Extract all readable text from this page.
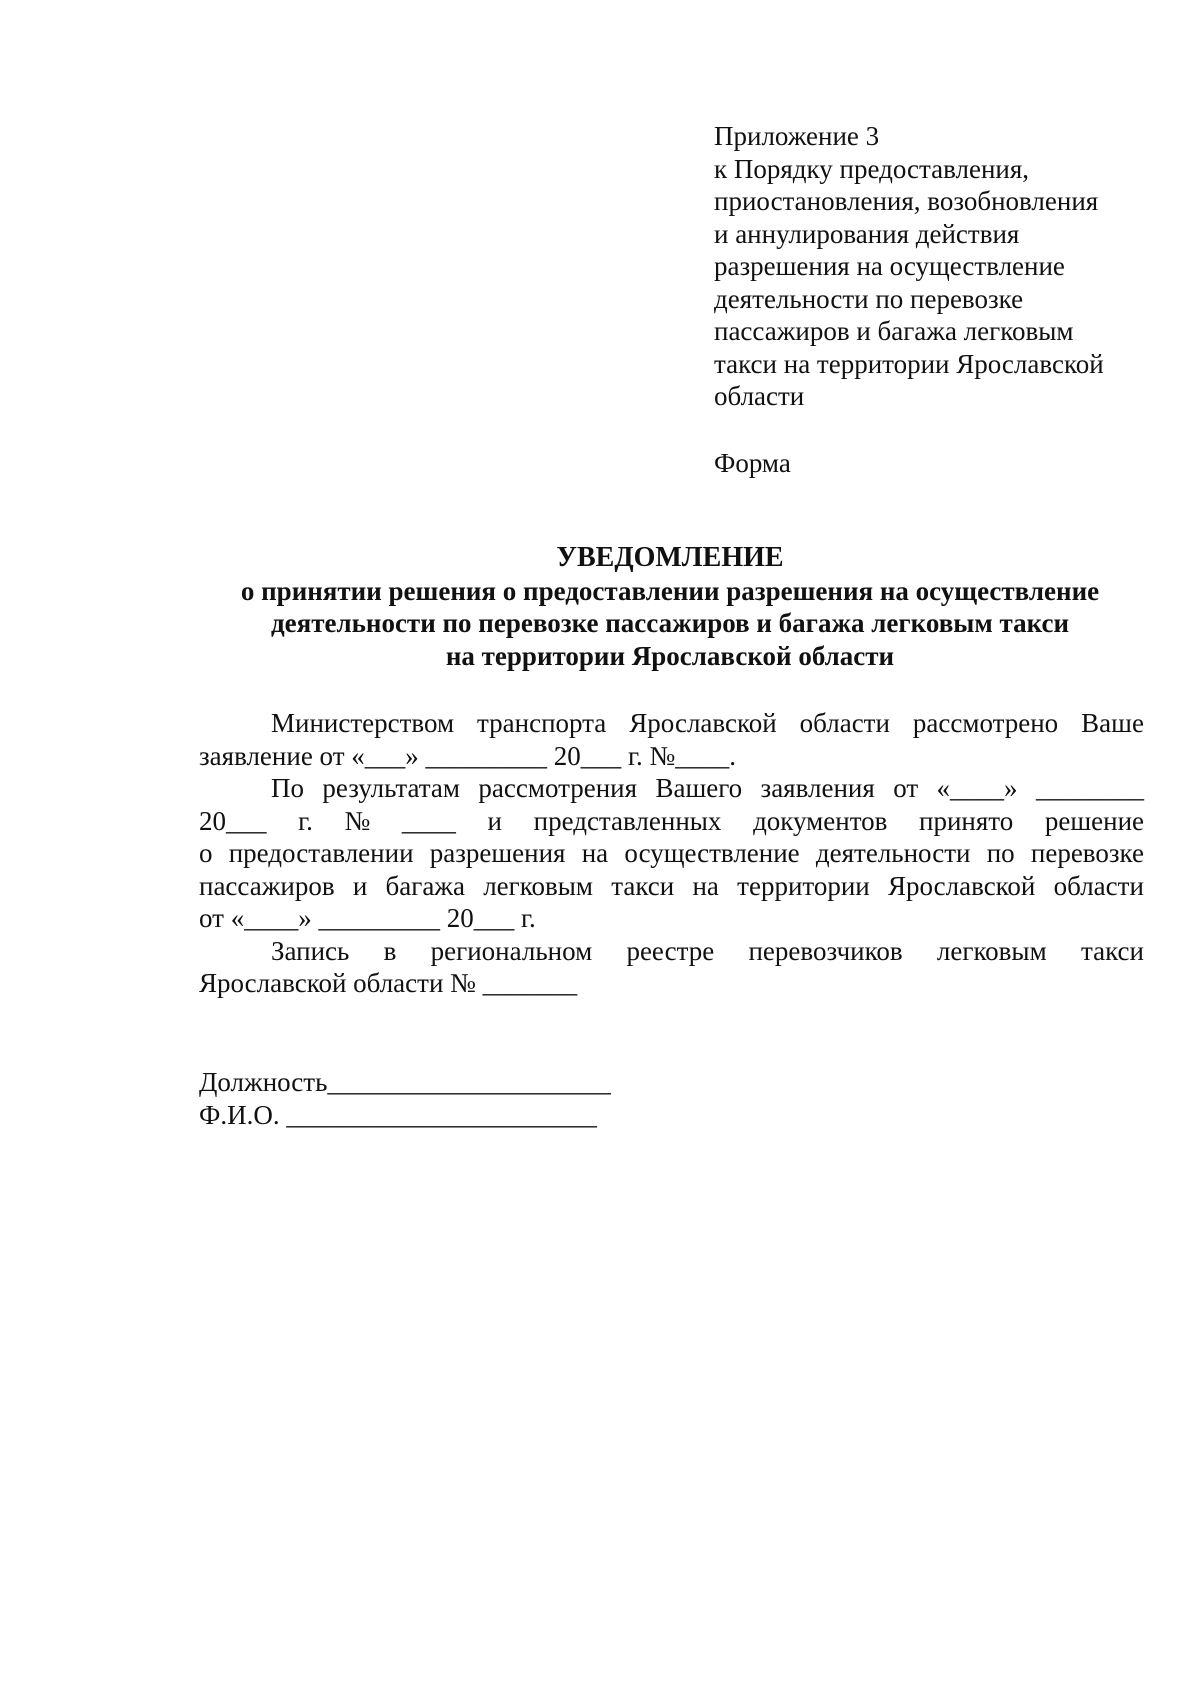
Приложение 3
к Порядку предоставления,
приостановления, возобновления
и аннулирования действия
разрешения на осуществление
деятельности по перевозке
пассажиров и багажа легковым
такси на территории Ярославской
области
Форма
УВЕДОМЛЕНИЕ
о принятии решения о предоставлении разрешения на осуществление
деятельности по перевозке пассажиров и багажа легковым такси
на территории Ярославской области
Министерством транспорта Ярославской области рассмотрено Ваше
заявление от «___» _________ 20___ г. №____.
По результатам рассмотрения Вашего заявления от «____» ________
20___ г. № ____ и представленных документов принято решение
о предоставлении разрешения на осуществление деятельности по перевозке
пассажиров и багажа легковым такси на территории Ярославской области
от «____» _________ 20___ г.
Запись в региональном реестре перевозчиков легковым такси
Ярославской области № _______
Должность_____________________
Ф.И.О. _______________________
